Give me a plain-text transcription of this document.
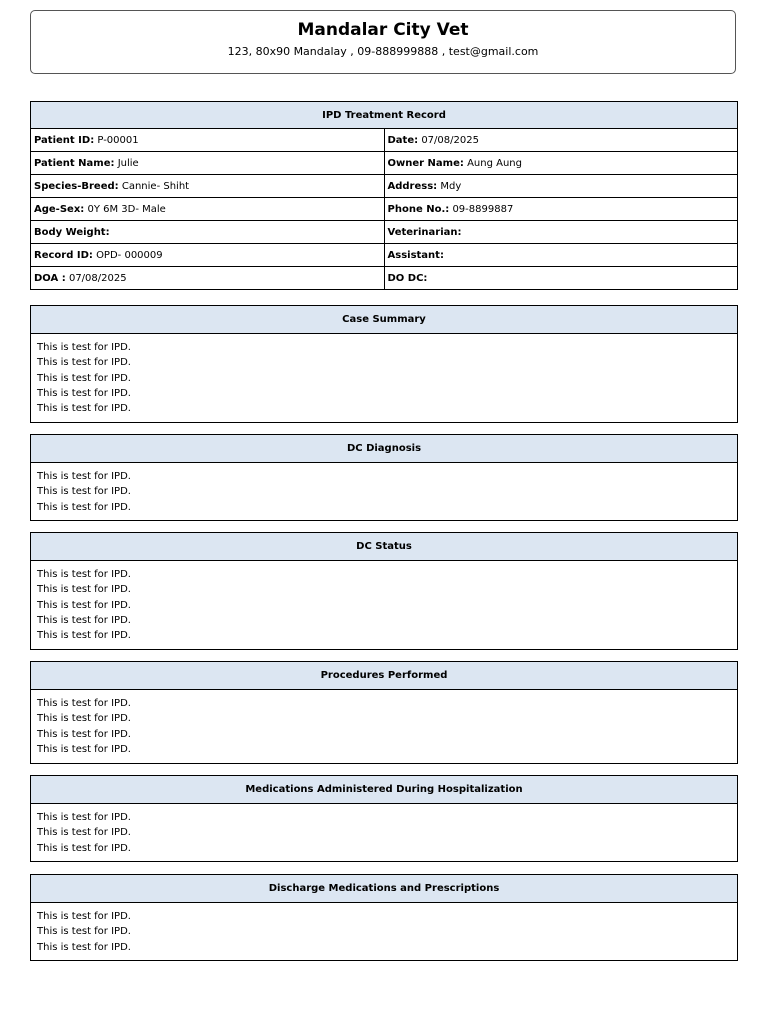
Mandalar City Vet
123, 80x90 Mandalay , 09-888999888 , test@gmail.com
IPD Treatment Record	
Patient ID: P-00001	Date: 07/08/2025
Patient Name: Julie	Owner Name: Aung Aung
Species-Breed: Cannie- Shiht	Address: Mdy
Age-Sex: 0Y 6M 3D- Male	Phone No.: 09-8899887
Body Weight:	Veterinarian:
Record ID: OPD- 000009	Assistant:
DOA : 07/08/2025	DO DC:
Case Summary
This is test for IPD.
This is test for IPD.
This is test for IPD.
This is test for IPD.
This is test for IPD.
DC Diagnosis
This is test for IPD.
This is test for IPD.
This is test for IPD.
DC Status
This is test for IPD.
This is test for IPD.
This is test for IPD.
This is test for IPD.
This is test for IPD.
Procedures Performed
This is test for IPD.
This is test for IPD.
This is test for IPD.
This is test for IPD.
Medications Administered During Hospitalization
This is test for IPD.
This is test for IPD.
This is test for IPD.
Discharge Medications and Prescriptions
This is test for IPD.
This is test for IPD.
This is test for IPD.
